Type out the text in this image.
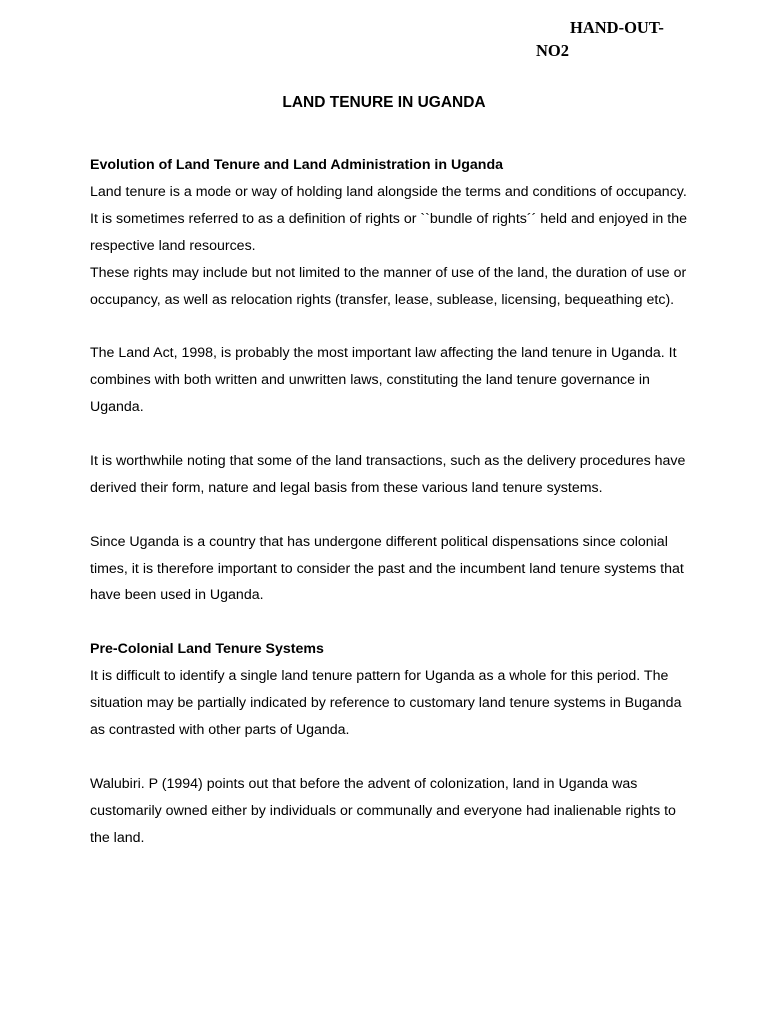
HAND-OUT-
NO2
LAND TENURE IN UGANDA

Evolution of Land Tenure and Land Administration in Uganda

Land tenure is a mode or way of holding land alongside the terms and conditions of occupancy. It is sometimes referred to as a definition of rights or ``bundle of rights´´ held and enjoyed in the respective land resources.

These rights may include but not limited to the manner of use of the land, the duration of use or occupancy, as well as relocation rights (transfer, lease, sublease, licensing, bequeathing etc).

The Land Act, 1998, is probably the most important law affecting the land tenure in Uganda. It combines with both written and unwritten laws, constituting the land tenure governance in Uganda.

It is worthwhile noting that some of the land transactions, such as the delivery procedures have derived their form, nature and legal basis from these various land tenure systems.

Since Uganda is a country that has undergone different political dispensations since colonial times, it is therefore important to consider the past and the incumbent land tenure systems that have been used in Uganda.

Pre-Colonial Land Tenure Systems

It is difficult to identify a single land tenure pattern for Uganda as a whole for this period. The situation may be partially indicated by reference to customary land tenure systems in Buganda as contrasted with other parts of Uganda.

Walubiri. P (1994) points out that before the advent of colonization, land in Uganda was customarily owned either by individuals or communally and everyone had inalienable rights to the land.
